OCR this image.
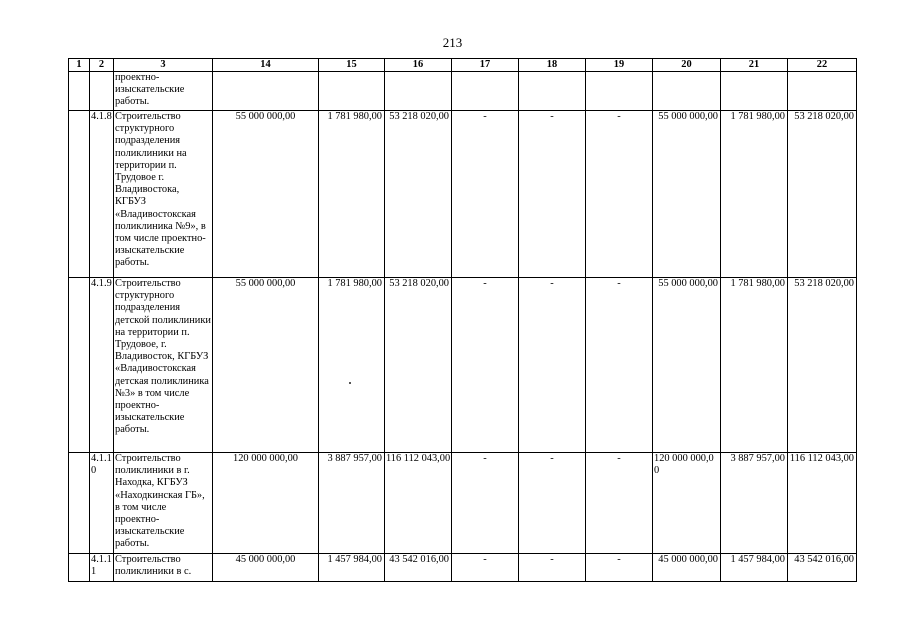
213
1	2	3	14	15	16	17	18	19	20	21	22
		проектно-изыскательские работы.									
	4.1.8	Строительство структурного подразделения поликлиники на территории п. Трудовое г. Владивостока, КГБУЗ «Владивостокская поликлиника №9», в том числе проектно-изыскательские работы.	55 000 000,00	1 781 980,00	53 218 020,00	-	-	-	55 000 000,00	1 781 980,00	53 218 020,00
	4.1.9	Строительство структурного подразделения детской поликлиники на территории п. Трудовое, г. Владивосток, КГБУЗ «Владивостокская детская поликлиника №3» в том числе проектно-изыскательские работы.	55 000 000,00	1 781 980,00	53 218 020,00	-	-	-	55 000 000,00	1 781 980,00	53 218 020,00
	4.1.10	Строительство поликлиники в г. Находка, КГБУЗ «Находкинская ГБ», в том числе проектно-изыскательские работы.	120 000 000,00	3 887 957,00	116 112 043,00	-	-	-	120 000 000,00	3 887 957,00	116 112 043,00
	4.1.11	Строительство поликлиники в с.	45 000 000,00	1 457 984,00	43 542 016,00	-	-	-	45 000 000,00	1 457 984,00	43 542 016,00
